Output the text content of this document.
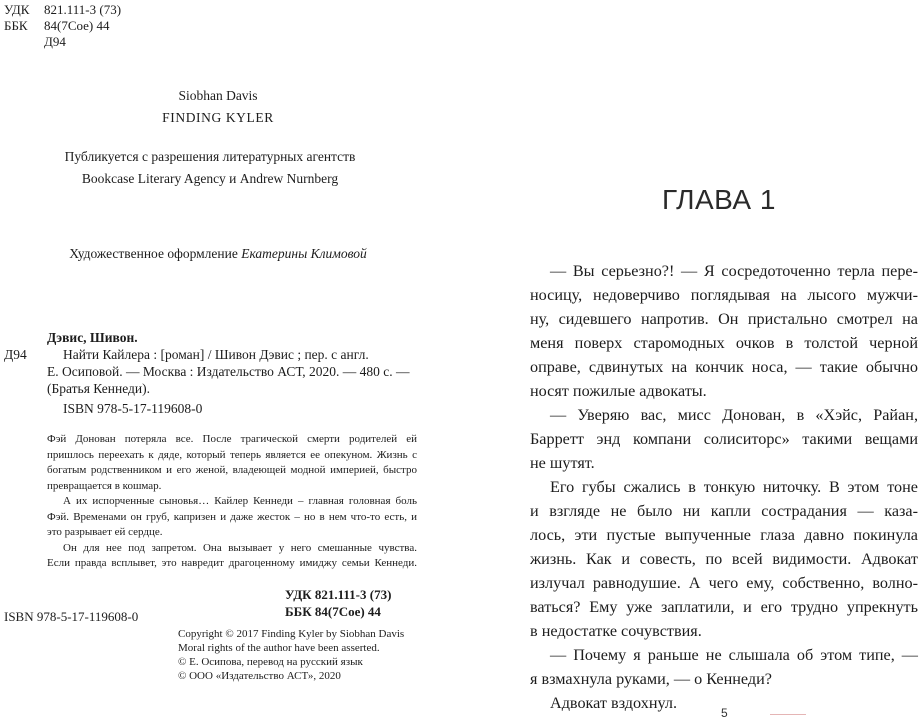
УДК 821.111-3 (73)
ББК 84(7Сое) 44
Д94
Siobhan Davis
FINDING KYLER
Публикуется с разрешения литературных агентств
Bookcase Literary Agency и Andrew Nurnberg
Художественное оформление Екатерины Климовой
Дэвис, Шивон.
Д94	Найти Кайлера : [роман] / Шивон Дэвис ; пер. с англ.
Е. Осиповой. — Москва : Издательство АСТ, 2020. — 480 с. —
(Братья Кеннеди).
ISBN 978-5-17-119608-0
Фэй Донован потеряла все. После трагической смерти родителей ей
пришлось переехать к дяде, который теперь является ее опекуном. Жизнь с
богатым родственником и его женой, владеющей модной империей, быстро
превращается в кошмар.
А их испорченные сыновья… Кайлер Кеннеди – главная головная боль
Фэй. Временами он груб, капризен и даже жесток – но в нем что-то есть, и
это разрывает ей сердце.
Он для нее под запретом. Она вызывает у него смешанные чувства.
Если правда всплывет, это навредит драгоценному имиджу семьи Кеннеди.
УДК 821.111-3 (73)
ББК 84(7Сое) 44
ISBN 978-5-17-119608-0
Copyright © 2017 Finding Kyler by Siobhan Davis
Moral rights of the author have been asserted.
© Е. Осипова, перевод на русский язык
© ООО «Издательство АСТ», 2020
ГЛАВА 1
— Вы серьезно?! — Я сосредоточенно терла пере-
носицу, недоверчиво поглядывая на лысого мужчи-
ну, сидевшего напротив. Он пристально смотрел на
меня поверх старомодных очков в толстой черной
оправе, сдвинутых на кончик носа, — такие обычно
носят пожилые адвокаты.
— Уверяю вас, мисс Донован, в «Хэйс, Райан,
Барретт энд компани солиситорс» такими вещами
не шутят.
Его губы сжались в тонкую ниточку. В этом тоне
и взгляде не было ни капли сострадания — каза-
лось, эти пустые выпученные глаза давно покинула
жизнь. Как и совесть, по всей видимости. Адвокат
излучал равнодушие. А чего ему, собственно, волно-
ваться? Ему уже заплатили, и его трудно упрекнуть
в недостатке сочувствия.
— Почему я раньше не слышала об этом типе, —
я взмахнула руками, — о Кеннеди?
Адвокат вздохнул.
5
